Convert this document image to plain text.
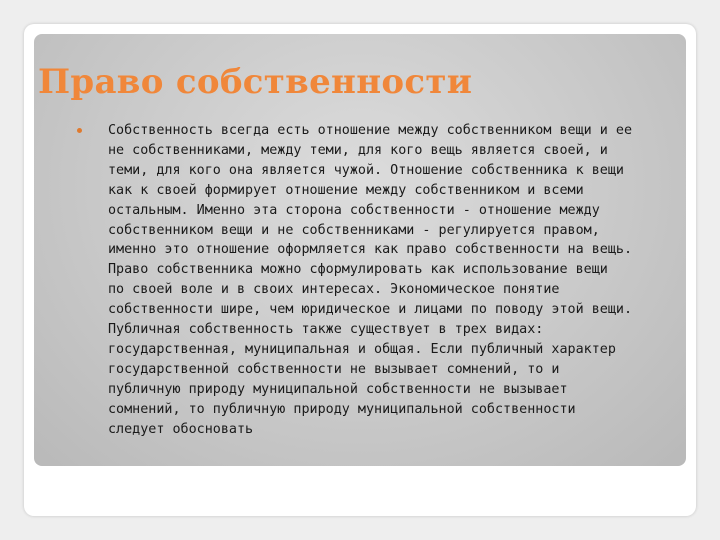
Право собственности
Собственность всегда есть отношение между собственником вещи и ее
не собственниками, между теми, для кого вещь является своей, и
теми, для кого она является чужой. Отношение собственника к вещи
как к своей формирует отношение между собственником и всеми
остальным. Именно эта сторона собственности - отношение между
собственником вещи и не собственниками - регулируется правом,
именно это отношение оформляется как право собственности на вещь.
Право собственника можно сформулировать как использование вещи
по своей воле и в своих интересах. Экономическое понятие
собственности шире, чем юридическое и лицами по поводу этой вещи.
Публичная собственность также существует в трех видах:
государственная, муниципальная и общая. Если публичный характер
государственной собственности не вызывает сомнений, то и
публичную природу муниципальной собственности не вызывает
сомнений, то публичную природу муниципальной собственности
следует обосновать
